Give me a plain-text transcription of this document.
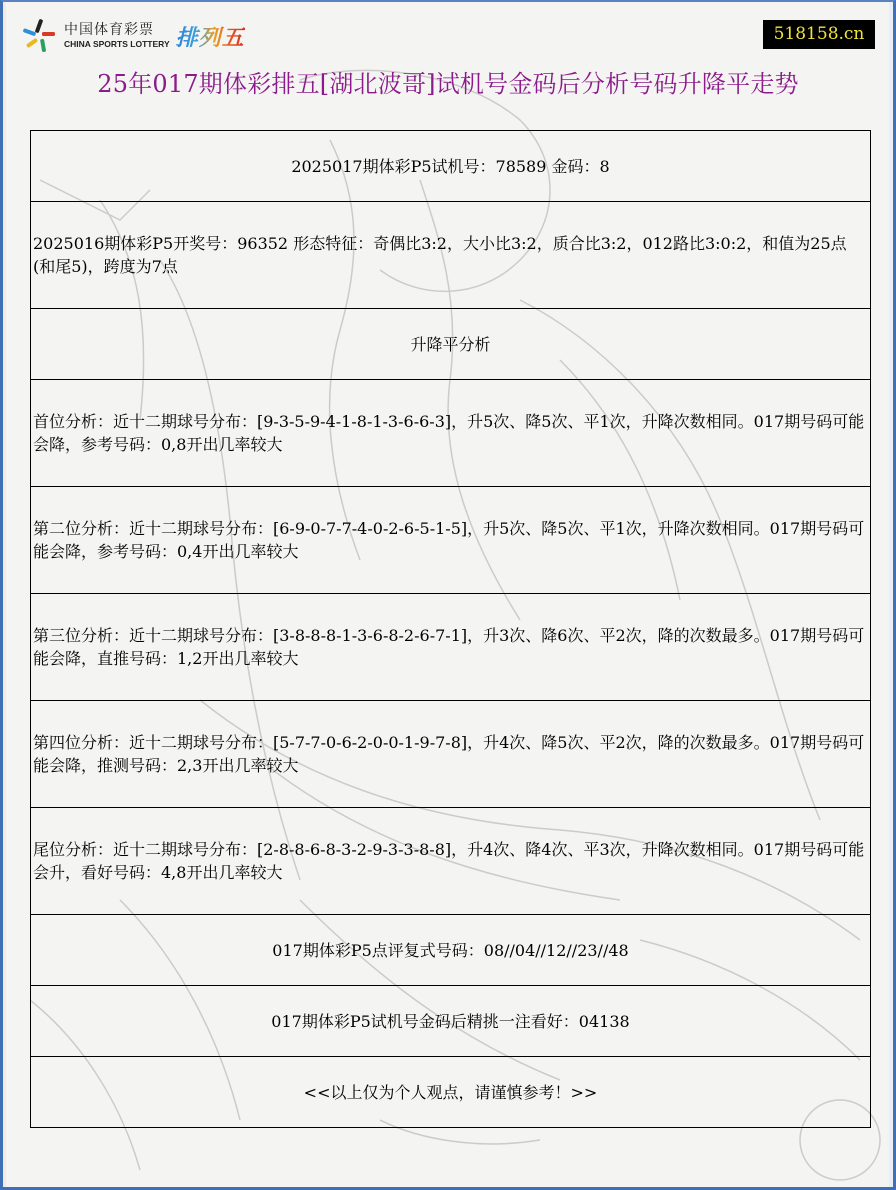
中国体育彩票
CHINA SPORTS LOTTERY 排列五	518158.cn
25年017期体彩排五[湖北波哥]试机号金码后分析号码升降平走势
2025017期体彩P5试机号：78589 金码：8
2025016期体彩P5开奖号：96352 形态特征：奇偶比3:2，大小比3:2，质合比3:2，012路比3:0:2，和值为25点(和尾5)，跨度为7点
升降平分析
首位分析：近十二期球号分布：[9-3-5-9-4-1-8-1-3-6-6-3]，升5次、降5次、平1次，升降次数相同。017期号码可能会降，参考号码：0,8开出几率较大
第二位分析：近十二期球号分布：[6-9-0-7-7-4-0-2-6-5-1-5]，升5次、降5次、平1次，升降次数相同。017期号码可能会降，参考号码：0,4开出几率较大
第三位分析：近十二期球号分布：[3-8-8-8-1-3-6-8-2-6-7-1]，升3次、降6次、平2次，降的次数最多。017期号码可能会降，直推号码：1,2开出几率较大
第四位分析：近十二期球号分布：[5-7-7-0-6-2-0-0-1-9-7-8]，升4次、降5次、平2次，降的次数最多。017期号码可能会降，推测号码：2,3开出几率较大
尾位分析：近十二期球号分布：[2-8-8-6-8-3-2-9-3-3-8-8]，升4次、降4次、平3次，升降次数相同。017期号码可能会升，看好号码：4,8开出几率较大
017期体彩P5点评复式号码：08//04//12//23//48
017期体彩P5试机号金码后精挑一注看好：04138
<<以上仅为个人观点，请谨慎参考！>>
